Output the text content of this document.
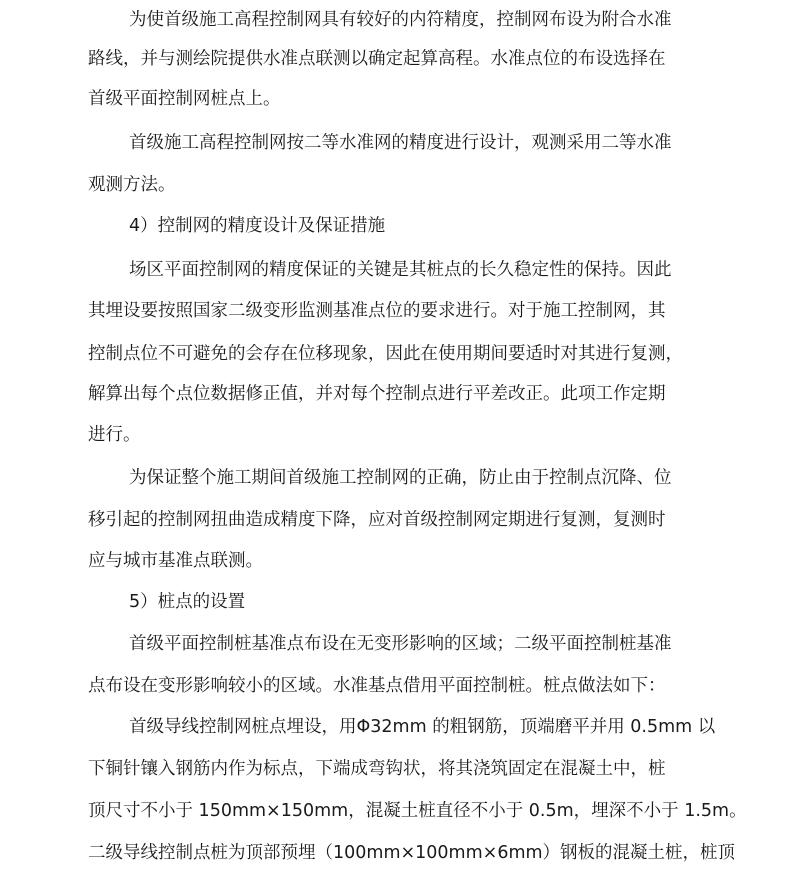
为使首级施工高程控制网具有较好的内符精度，控制网布设为附合水准
路线，并与测绘院提供水准点联测以确定起算高程。水准点位的布设选择在
首级平面控制网桩点上。
首级施工高程控制网按二等水准网的精度进行设计，观测采用二等水准
观测方法。
4）控制网的精度设计及保证措施
场区平面控制网的精度保证的关键是其桩点的长久稳定性的保持。因此
其埋设要按照国家二级变形监测基准点位的要求进行。对于施工控制网，其
控制点位不可避免的会存在位移现象，因此在使用期间要适时对其进行复测，
解算出每个点位数据修正值，并对每个控制点进行平差改正。此项工作定期
进行。
为保证整个施工期间首级施工控制网的正确，防止由于控制点沉降、位
移引起的控制网扭曲造成精度下降，应对首级控制网定期进行复测，复测时
应与城市基准点联测。
5）桩点的设置
首级平面控制桩基准点布设在无变形影响的区域；二级平面控制桩基准
点布设在变形影响较小的区域。水准基点借用平面控制桩。桩点做法如下：
首级导线控制网桩点埋设，用Φ32mm 的粗钢筋，顶端磨平并用 0.5mm 以
下铜针镶入钢筋内作为标点，下端成弯钩状，将其浇筑固定在混凝土中，桩
顶尺寸不小于 150mm×150mm，混凝土桩直径不小于 0.5m，埋深不小于 1.5m。
二级导线控制点桩为顶部预埋（100mm×100mm×6mm）钢板的混凝土桩，桩顶
